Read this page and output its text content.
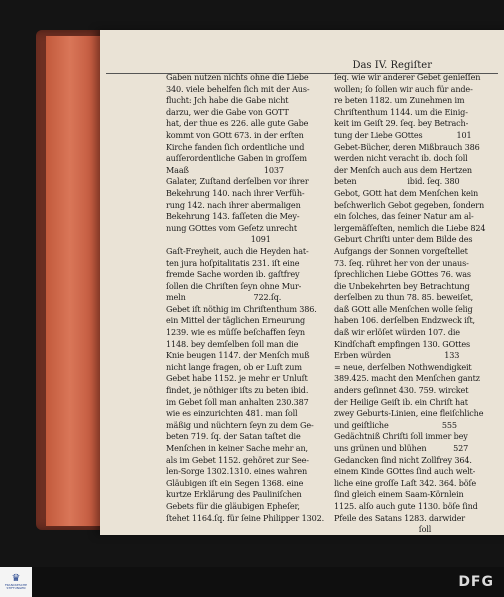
Das IV. Regiſter
Gaben nutzen nichts ohne die Liebe
340. viele behelfen ſich mit der Aus-
flucht: Jch habe die Gabe nicht
darzu, wer die Gabe von GOTT
hat, der thue es 226. alle gute Gabe
kommt von GOtt 673. in der erſten
Kirche fanden ſich ordentliche und
auſſerordentliche Gaben in groſſem
Maaß                               1037
Galater, Zuſtand derſelben vor ihrer
Bekehrung 140. nach ihrer Verfüh-
rung 142. nach ihrer abermaligen
Bekehrung 143. faſſeten die Mey-
nung GOttes vom Geſetz unrecht
1091
Gaſt-Freyheit, auch die Heyden hat-
ten jura hoſpitalitatis 231. iſt eine
fremde Sache worden ib. gaſtfrey
ſollen die Chriſten ſeyn ohne Mur-
meln                            722.ſq.
Gebet iſt nöthig im Chriſtenthum 386.
ein Mittel der täglichen Erneurung
1239. wie es müſſe beſchaffen ſeyn
1148. bey demſelben ſoll man die
Knie beugen 1147. der Menſch muß
nicht lange fragen, ob er Luſt zum
Gebet habe 1152. je mehr er Unluſt
findet, je nöthiger iſts zu beten ibid.
im Gebet ſoll man anhalten 230.387
wie es einzurichten 481. man ſoll
mäßig und nüchtern ſeyn zu dem Ge-
beten 719. ſq. der Satan taſtet die
Menſchen in keiner Sache mehr an,
als im Gebet 1152. gehöret zur See-
len-Sorge 1302.1310. eines wahren
Gläubigen iſt ein Segen 1368. eine
kurtze Erklärung des Pauliniſchen
Gebets für die gläubigen Epheſer,
ſtehet 1164.ſq. für ſeine Philipper 1302.
ſeq. wie wir anderer Gebet genieſſen
wollen; ſo ſollen wir auch für ande-
re beten 1182. um Zunehmen im
Chriſtenthum 1144. um die Einig-
keit im Geiſt 29. ſeq. bey Betrach-
tung der Liebe GOttes              101
Gebet-Bücher, deren Mißbrauch 386
werden nicht veracht ib. doch ſoll
der Menſch auch aus dem Hertzen
beten                     ibid. ſeq. 380
Gebot, GOtt hat dem Menſchen kein
beſchwerlich Gebot gegeben, ſondern
ein ſolches, das ſeiner Natur am al-
lergemäſſeſten, nemlich die Liebe 824
Geburt Chriſti unter dem Bilde des
Aufgangs der Sonnen vorgeſtellet
73. ſeq. rühret her von der unaus-
ſprechlichen Liebe GOttes 76. was
die Unbekehrten bey Betrachtung
derſelben zu thun 78. 85. beweiſet,
daß GOtt alle Menſchen wolle ſelig
haben 106. derſelben Endzweck iſt,
daß wir erlöſet würden 107. die
Kindſchaft empfingen 130. GOttes
Erben würden                      133
= neue, derſelben Nothwendigkeit
389.425. macht den Menſchen gantz
anders geſinnet 430. 759. wircket
der Heilige Geiſt ib. ein Chriſt hat
zwey Geburts-Linien, eine fleiſchliche
und geiſtliche                      555
Gedächtniß Chriſti ſoll immer bey
uns grünen und blühen           527
Gedancken ſind nicht Zollfrey 364.
einem Kinde GOttes ſind auch welt-
liche eine groſſe Laſt 342. 364. böſe
ſind gleich einem Saam-Körnlein
1125. alſo auch gute 1130. böſe ſind
Pfeile des Satans 1283. darwider
ſoll
♛
FRANCKESCHE STIFTUNGEN	DFG
